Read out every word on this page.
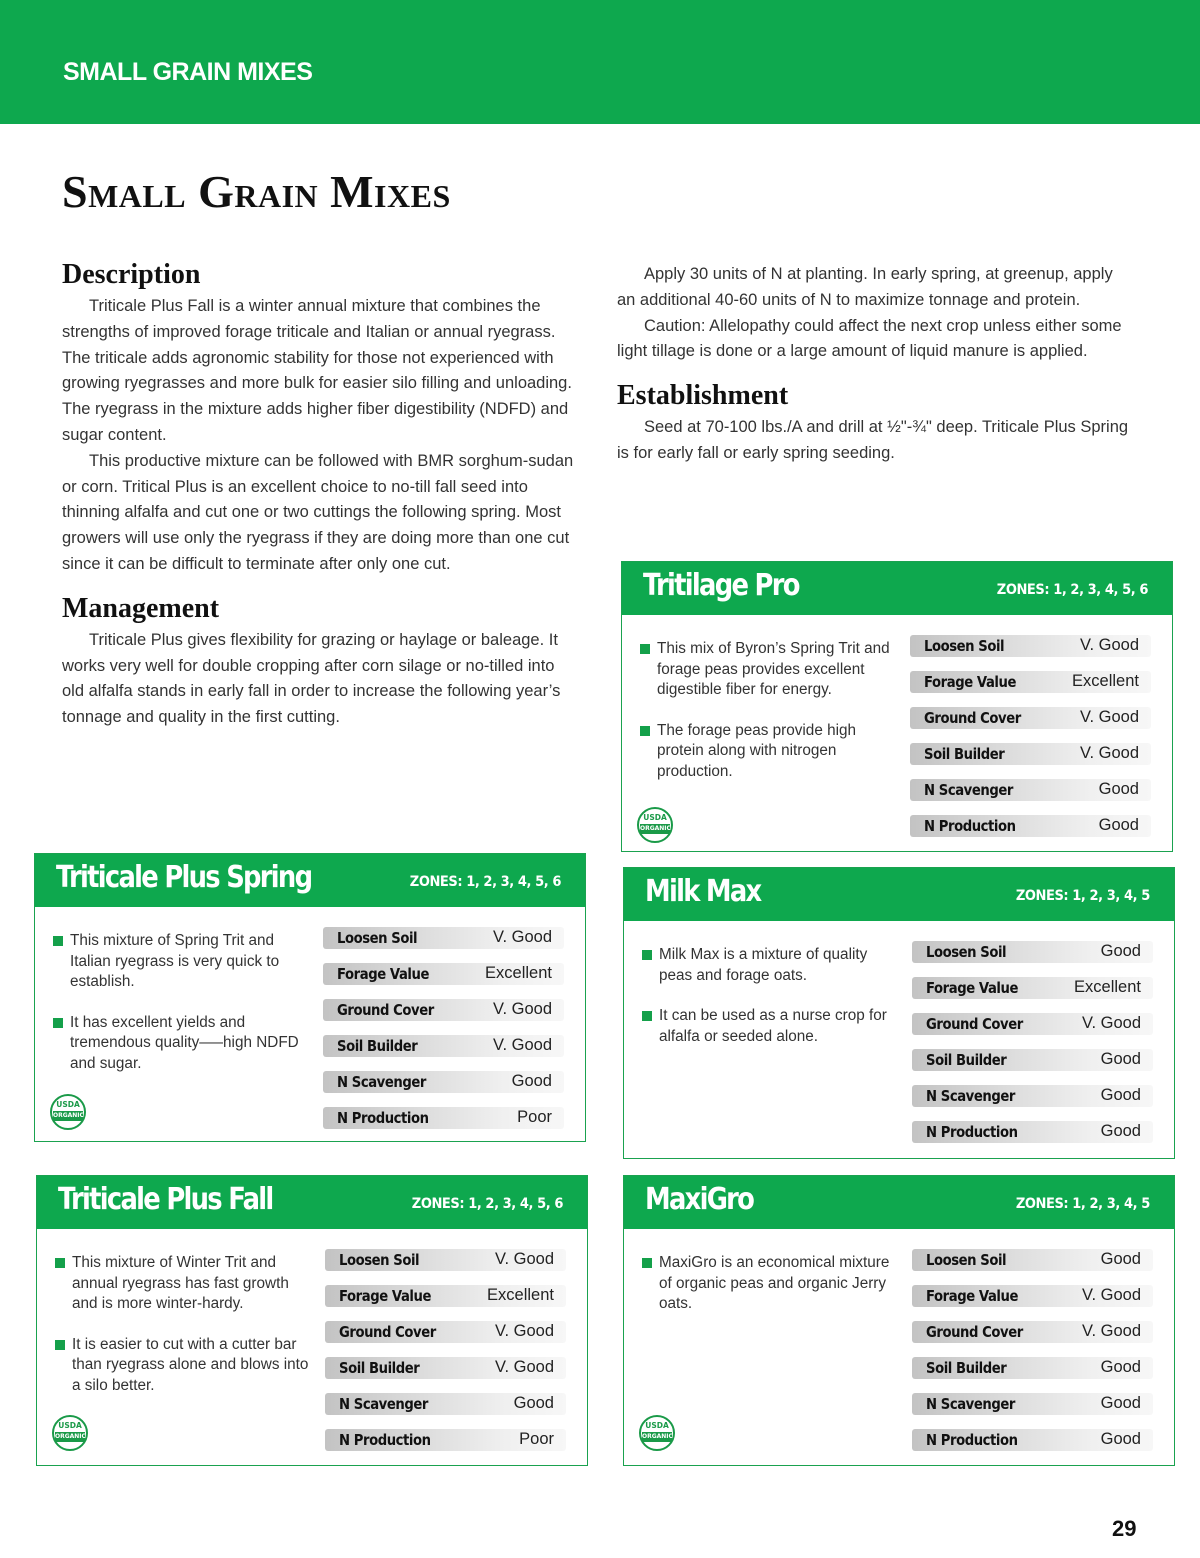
SMALL GRAIN MIXES
Small Grain Mixes
Description

Triticale Plus Fall is a winter annual mixture that combines the strengths of improved forage triticale and Italian or annual ryegrass. The triticale adds agronomic stability for those not experienced with growing ryegrasses and more bulk for easier silo filling and unloading. The ryegrass in the mixture adds higher fiber digestibility (NDFD) and sugar content.

This productive mixture can be followed with BMR sorghum-sudan or corn. Tritical Plus is an excellent choice to no-till fall seed into thinning alfalfa and cut one or two cuttings the following spring. Most growers will use only the ryegrass if they are doing more than one cut since it can be difficult to terminate after only one cut.

Management

Triticale Plus gives flexibility for grazing or haylage or baleage. It works very well for double cropping after corn silage or no-tilled into old alfalfa stands in early fall in order to increase the following year’s tonnage and quality in the first cutting.

Apply 30 units of N at planting. In early spring, at greenup, apply an additional 40-60 units of N to maximize tonnage and protein.

Caution: Allelopathy could affect the next crop unless either some light tillage is done or a large amount of liquid manure is applied.

Establishment

Seed at 70-100 lbs./A and drill at ½"-¾" deep. Triticale Plus Spring is for early fall or early spring seeding.

Tritilage Pro	ZONES: 1, 2, 3, 4, 5, 6
This mix of Byron’s Spring Trit and forage peas provides excellent digestible fiber for energy.
The forage peas provide high protein along with nitrogen production.
Loosen Soil	V. Good
Forage Value	Excellent
Ground Cover	V. Good
Soil Builder	V. Good
N Scavenger	Good
N Production	Good
USDA
ORGANIC
Triticale Plus Spring	ZONES: 1, 2, 3, 4, 5, 6
This mixture of Spring Trit and Italian ryegrass is very quick to establish.
It has excellent yields and tremendous quality—–high NDFD and sugar.
Loosen Soil	V. Good
Forage Value	Excellent
Ground Cover	V. Good
Soil Builder	V. Good
N Scavenger	Good
N Production	Poor
USDA
ORGANIC
Milk Max	ZONES: 1, 2, 3, 4, 5
Milk Max is a mixture of quality peas and forage oats.
It can be used as a nurse crop for alfalfa or seeded alone.
Loosen Soil	Good
Forage Value	Excellent
Ground Cover	V. Good
Soil Builder	Good
N Scavenger	Good
N Production	Good
Triticale Plus Fall	ZONES: 1, 2, 3, 4, 5, 6
This mixture of Winter Trit and annual ryegrass has fast growth and is more winter-hardy.
It is easier to cut with a cutter bar than ryegrass alone and blows into a silo better.
Loosen Soil	V. Good
Forage Value	Excellent
Ground Cover	V. Good
Soil Builder	V. Good
N Scavenger	Good
N Production	Poor
USDA
ORGANIC
MaxiGro	ZONES: 1, 2, 3, 4, 5
MaxiGro is an economical mixture of organic peas and organic Jerry oats.
Loosen Soil	Good
Forage Value	V. Good
Ground Cover	V. Good
Soil Builder	Good
N Scavenger	Good
N Production	Good
USDA
ORGANIC
29
